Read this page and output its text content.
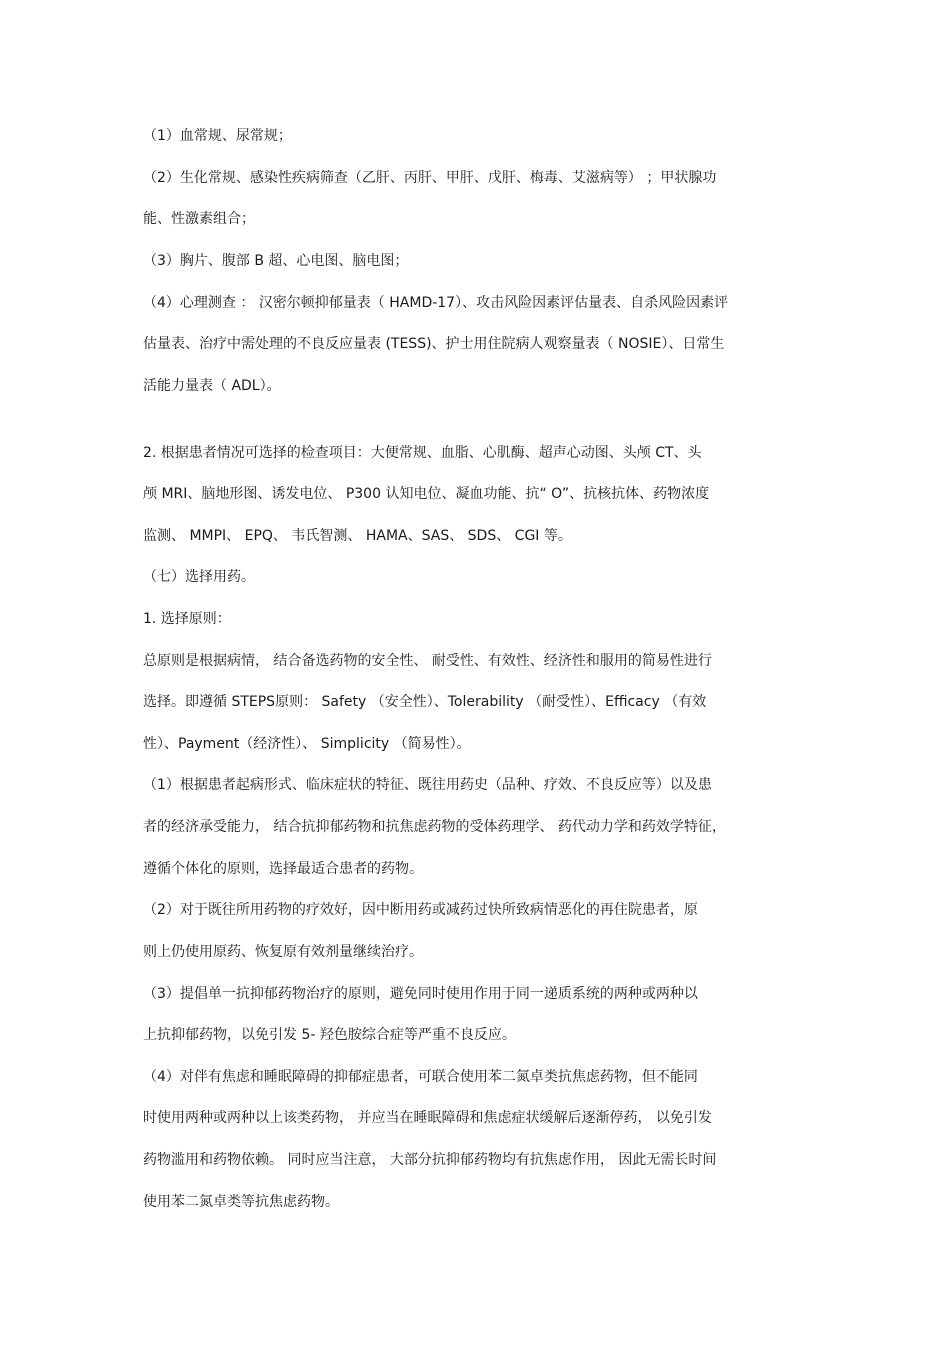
（1）血常规、尿常规；
（2）生化常规、感染性疾病筛查（乙肝、丙肝、甲肝、戊肝、梅毒、艾滋病等） ；甲状腺功
能、性激素组合；
（3）胸片、腹部 B 超、心电图、脑电图；
（4）心理测查 ： 汉密尔顿抑郁量表（ HAMD-17）、攻击风险因素评估量表、自杀风险因素评
估量表、治疗中需处理的不良反应量表 (TESS)、护士用住院病人观察量表（ NOSIE）、日常生
活能力量表（ ADL）。
2. 根据患者情况可选择的检查项目：大便常规、血脂、心肌酶、超声心动图、头颅 CT、头
颅 MRI、脑地形图、诱发电位、 P300 认知电位、凝血功能、抗“ O”、抗核抗体、药物浓度
监测、 MMPI、 EPQ、 韦氏智测、 HAMA、SAS、 SDS、 CGI 等。
（七）选择用药。
1. 选择原则：
总原则是根据病情， 结合备选药物的安全性、 耐受性、有效性、经济性和服用的简易性进行
选择。即遵循 STEPS原则： Safety （安全性）、Tolerability （耐受性）、Efficacy （有效
性）、Payment（经济性）、 Simplicity （简易性）。
（1）根据患者起病形式、临床症状的特征、既往用药史（品种、疗效、不良反应等）以及患
者的经济承受能力， 结合抗抑郁药物和抗焦虑药物的受体药理学、 药代动力学和药效学特征，
遵循个体化的原则，选择最适合患者的药物。
（2）对于既往所用药物的疗效好，因中断用药或减药过快所致病情恶化的再住院患者，原
则上仍使用原药、恢复原有效剂量继续治疗。
（3）提倡单一抗抑郁药物治疗的原则，避免同时使用作用于同一递质系统的两种或两种以
上抗抑郁药物，以免引发 5- 羟色胺综合症等严重不良反应。
（4）对伴有焦虑和睡眠障碍的抑郁症患者，可联合使用苯二氮卓类抗焦虑药物，但不能同
时使用两种或两种以上该类药物， 并应当在睡眠障碍和焦虑症状缓解后逐渐停药， 以免引发
药物滥用和药物依赖。 同时应当注意， 大部分抗抑郁药物均有抗焦虑作用， 因此无需长时间
使用苯二氮卓类等抗焦虑药物。
